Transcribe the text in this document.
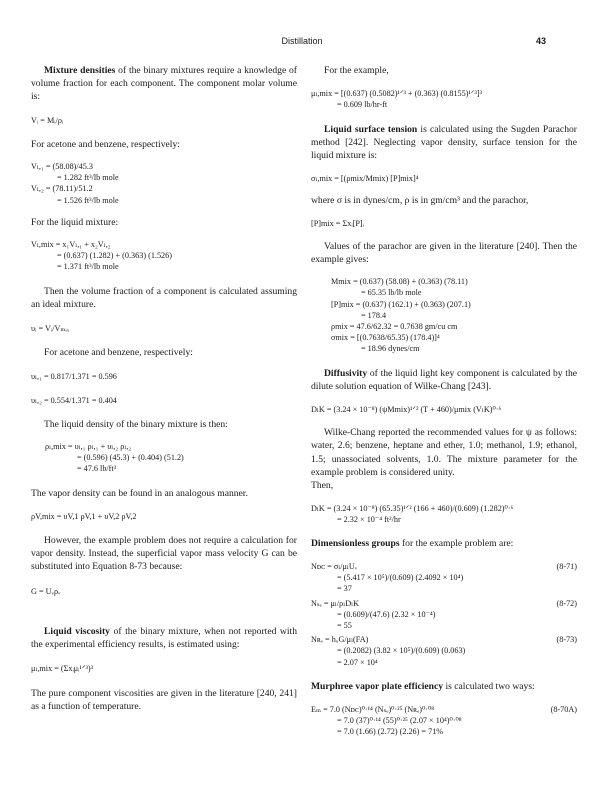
Distillation	43

Mixture densities of the binary mixtures require a knowledge of volume fraction for each component. The component molar volume is:

Vᵢ = Mᵢ/ρᵢ

For acetone and benzene, respectively:

Vₗ,₁ = (58.08)/45.3
= 1.282 ft³/lb mole
Vₗ,₂ = (78.11)/51.2
= 1.526 ft³/lb mole

For the liquid mixture:

Vₗ,mix = x₁Vₗ,₁ + x₂Vₗ,₂
= (0.637) (1.282) + (0.363) (1.526)
= 1.371 ft³/lb mole

Then the volume fraction of a component is calculated assuming an ideal mixture.

υᵢ = Vᵢ/Vₘᵢₓ

For acetone and benzene, respectively:

υₗ,₁ = 0.817/1.371 = 0.596
υₗ,₂ = 0.554/1.371 = 0.404

The liquid density of the binary mixture is then:

ρₗ,mix = υₗ,₁ ρₗ,₁ + υₗ,₂ ρₗ,₂
= (0.596) (45.3) + (0.404) (51.2)
= 47.6 lb/ft³

The vapor density can be found in an analogous manner.

ρV,mix = υV,1 ρV,1 + υV,2 ρV,2

However, the example problem does not require a calculation for vapor density. Instead, the superficial vapor mass velocity G can be substituted into Equation 8-73 because:

G = Uᵥρᵥ

Liquid viscosity of the binary mixture, when not reported with the experimental efficiency results, is estimated using:

μₗ,mix = (Σxᵢμᵢ¹ᐟ³)³

The pure component viscosities are given in the literature [240, 241] as a function of temperature.

For the example,

μₗ,mix = [(0.637) (0.5082)¹ᐟ³ + (0.363) (0.8155)¹ᐟ³]³
= 0.609 lb/hr-ft

Liquid surface tension is calculated using the Sugden Parachor method [242]. Neglecting vapor density, surface tension for the liquid mixture is:

σₗ,mix = [(ρmix/Mmix) [P]mix]⁴

where σ is in dynes/cm, ρ is in gm/cm³ and the parachor,

[P]mix = Σxᵢ[P]ᵢ

Values of the parachor are given in the literature [240]. Then the example gives:

Mmix = (0.637) (58.08) + (0.363) (78.11)
= 65.35 lb/lb mole
[P]mix = (0.637) (162.1) + (0.363) (207.1)
= 178.4
ρmix = 47.6/62.32 = 0.7638 gm/cu cm
σmix = [(0.7638/65.35) (178.4)]⁴
= 18.96 dynes/cm

Diffusivity of the liquid light key component is calculated by the dilute solution equation of Wilke-Chang [243].

DₗK = (3.24 × 10⁻⁸) (ψMmix)¹ᐟ² (T + 460)/μmix (VₗK)⁰·⁶

Wilke-Chang reported the recommended values for ψ as follows: water, 2.6; benzene, heptane and ether, 1.0; methanol, 1.9; ethanol, 1.5; unassociated solvents, 1.0. The mixture parameter for the example problem is considered unity.

Then,

DₗK = (3.24 × 10⁻⁸) (65.35)¹ᐟ² (166 + 460)/(0.609) (1.282)⁰·⁶
= 2.32 × 10⁻⁴ ft²/hr

Dimensionless groups for the example problem are:

Nᴅᴄ = σₗ/μₗUᵥ	(8-71)
= (5.417 × 10⁵)/(0.609) (2.4092 × 10⁴)
= 37
Nₛₑ = μₗ/ρₗDₗK	(8-72)
= (0.609)/(47.6) (2.32 × 10⁻⁴)
= 55
Nʀₑ = hᵤG/μₗ(FA)	(8-73)
= (0.2082) (3.82 × 10⁵)/(0.609) (0.063)
= 2.07 × 10⁴

Murphree vapor plate efficiency is calculated two ways:

Eₘ = 7.0 (Nᴅᴄ)⁰·¹⁴ (Nₛₑ)⁰·²⁵ (Nʀₑ)⁰·⁰⁸	(8-70A)
= 7.0 (37)⁰·¹⁴ (55)⁰·²⁵ (2.07 × 10⁴)⁰·⁰⁸
= 7.0 (1.66) (2.72) (2.26) = 71%
